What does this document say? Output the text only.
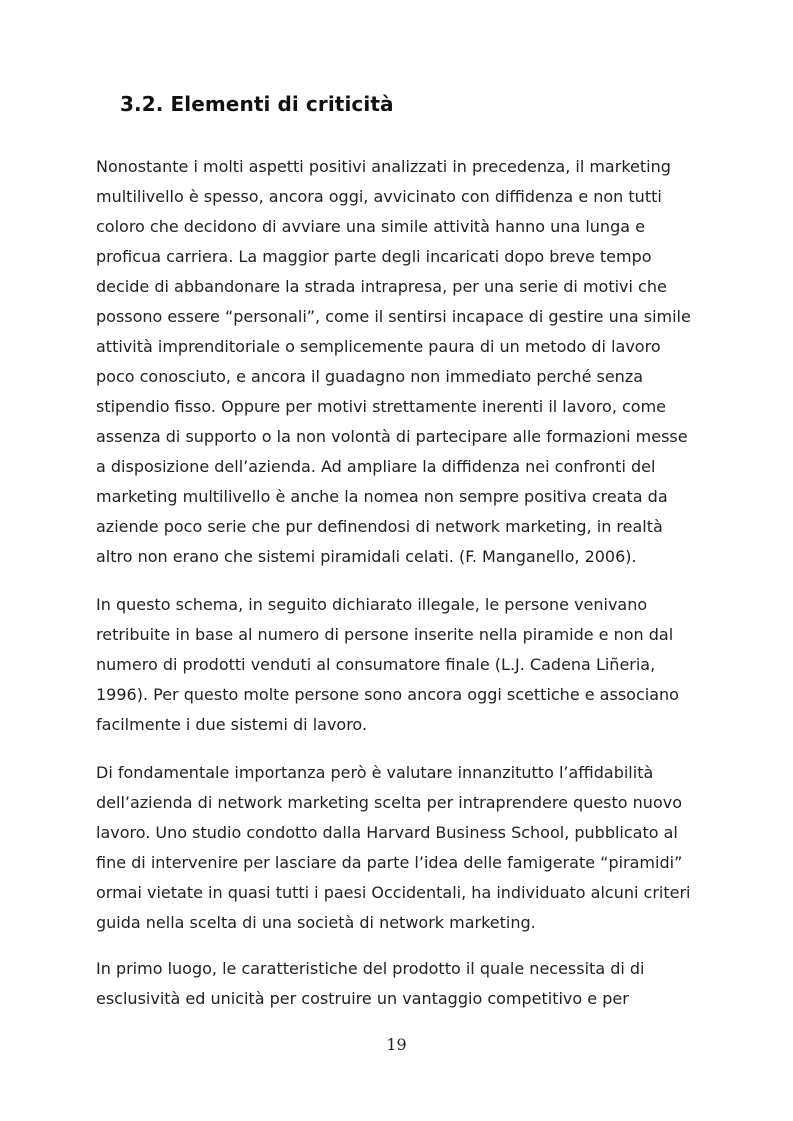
3.2. Elementi di criticità

Nonostante i molti aspetti positivi analizzati in precedenza, il marketing
multilivello è spesso, ancora oggi, avvicinato con diffidenza e non tutti
coloro che decidono di avviare una simile attività hanno una lunga e
proficua carriera. La maggior parte degli incaricati dopo breve tempo
decide di abbandonare la strada intrapresa, per una serie di motivi che
possono essere “personali”, come il sentirsi incapace di gestire una simile
attività imprenditoriale o semplicemente paura di un metodo di lavoro
poco conosciuto, e ancora il guadagno non immediato perché senza
stipendio fisso. Oppure per motivi strettamente inerenti il lavoro, come
assenza di supporto o la non volontà di partecipare alle formazioni messe
a disposizione dell’azienda. Ad ampliare la diffidenza nei confronti del
marketing multilivello è anche la nomea non sempre positiva creata da
aziende poco serie che pur definendosi di network marketing, in realtà
altro non erano che sistemi piramidali celati. (F. Manganello, 2006).

In questo schema, in seguito dichiarato illegale, le persone venivano
retribuite in base al numero di persone inserite nella piramide e non dal
numero di prodotti venduti al consumatore finale (L.J. Cadena Liñeria,
1996). Per questo molte persone sono ancora oggi scettiche e associano
facilmente i due sistemi di lavoro.

Di fondamentale importanza però è valutare innanzitutto l’affidabilità
dell’azienda di network marketing scelta per intraprendere questo nuovo
lavoro. Uno studio condotto dalla Harvard Business School, pubblicato al
fine di intervenire per lasciare da parte l’idea delle famigerate “piramidi”
ormai vietate in quasi tutti i paesi Occidentali, ha individuato alcuni criteri
guida nella scelta di una società di network marketing.

In primo luogo, le caratteristiche del prodotto il quale necessita di di
esclusività ed unicità per costruire un vantaggio competitivo e per

19
